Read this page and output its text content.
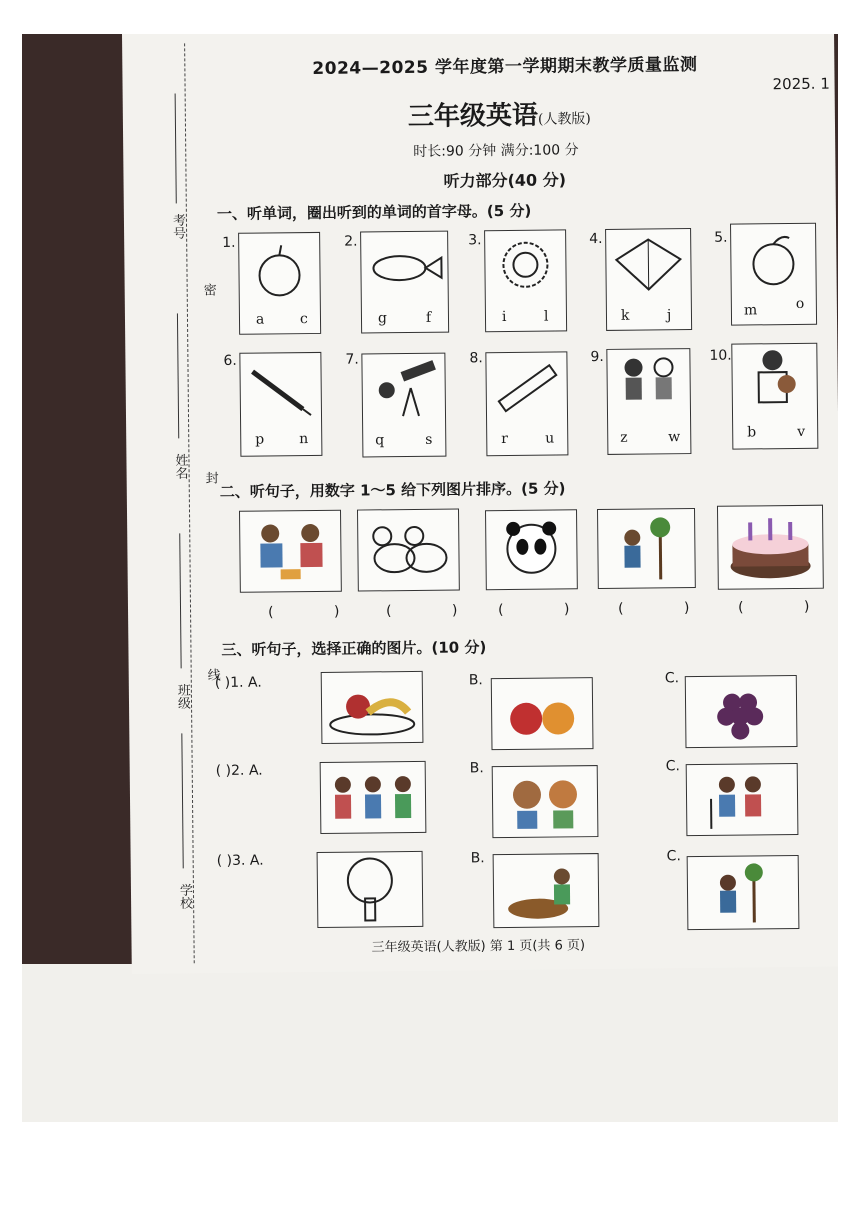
考号
密
姓名 封
班级
线
学校
2024—2025 学年度第一学期期末教学质量监测
2025. 1
三年级英语(人教版)
时长:90 分钟 满分:100 分
听力部分(40 分)
一、听单词，圈出听到的单词的首字母。(5 分)
1.
a	c
2.
g	f
3.
i	l
4.
k	j
5.
m	o
6.
p n
7.
q	s
8.
r	u
9.
z	w
10.
b	v
二、听句子，用数字 1～5 给下列图片排序。(5 分)
( ) ( ) ( ) ( ) ( )
三、听句子，选择正确的图片。(10 分)
( )1. A.	B.	C.
( )2. A.	B.	C.
( )3. A.	B.	C.
三年级英语(人教版) 第 1 页(共 6 页)
